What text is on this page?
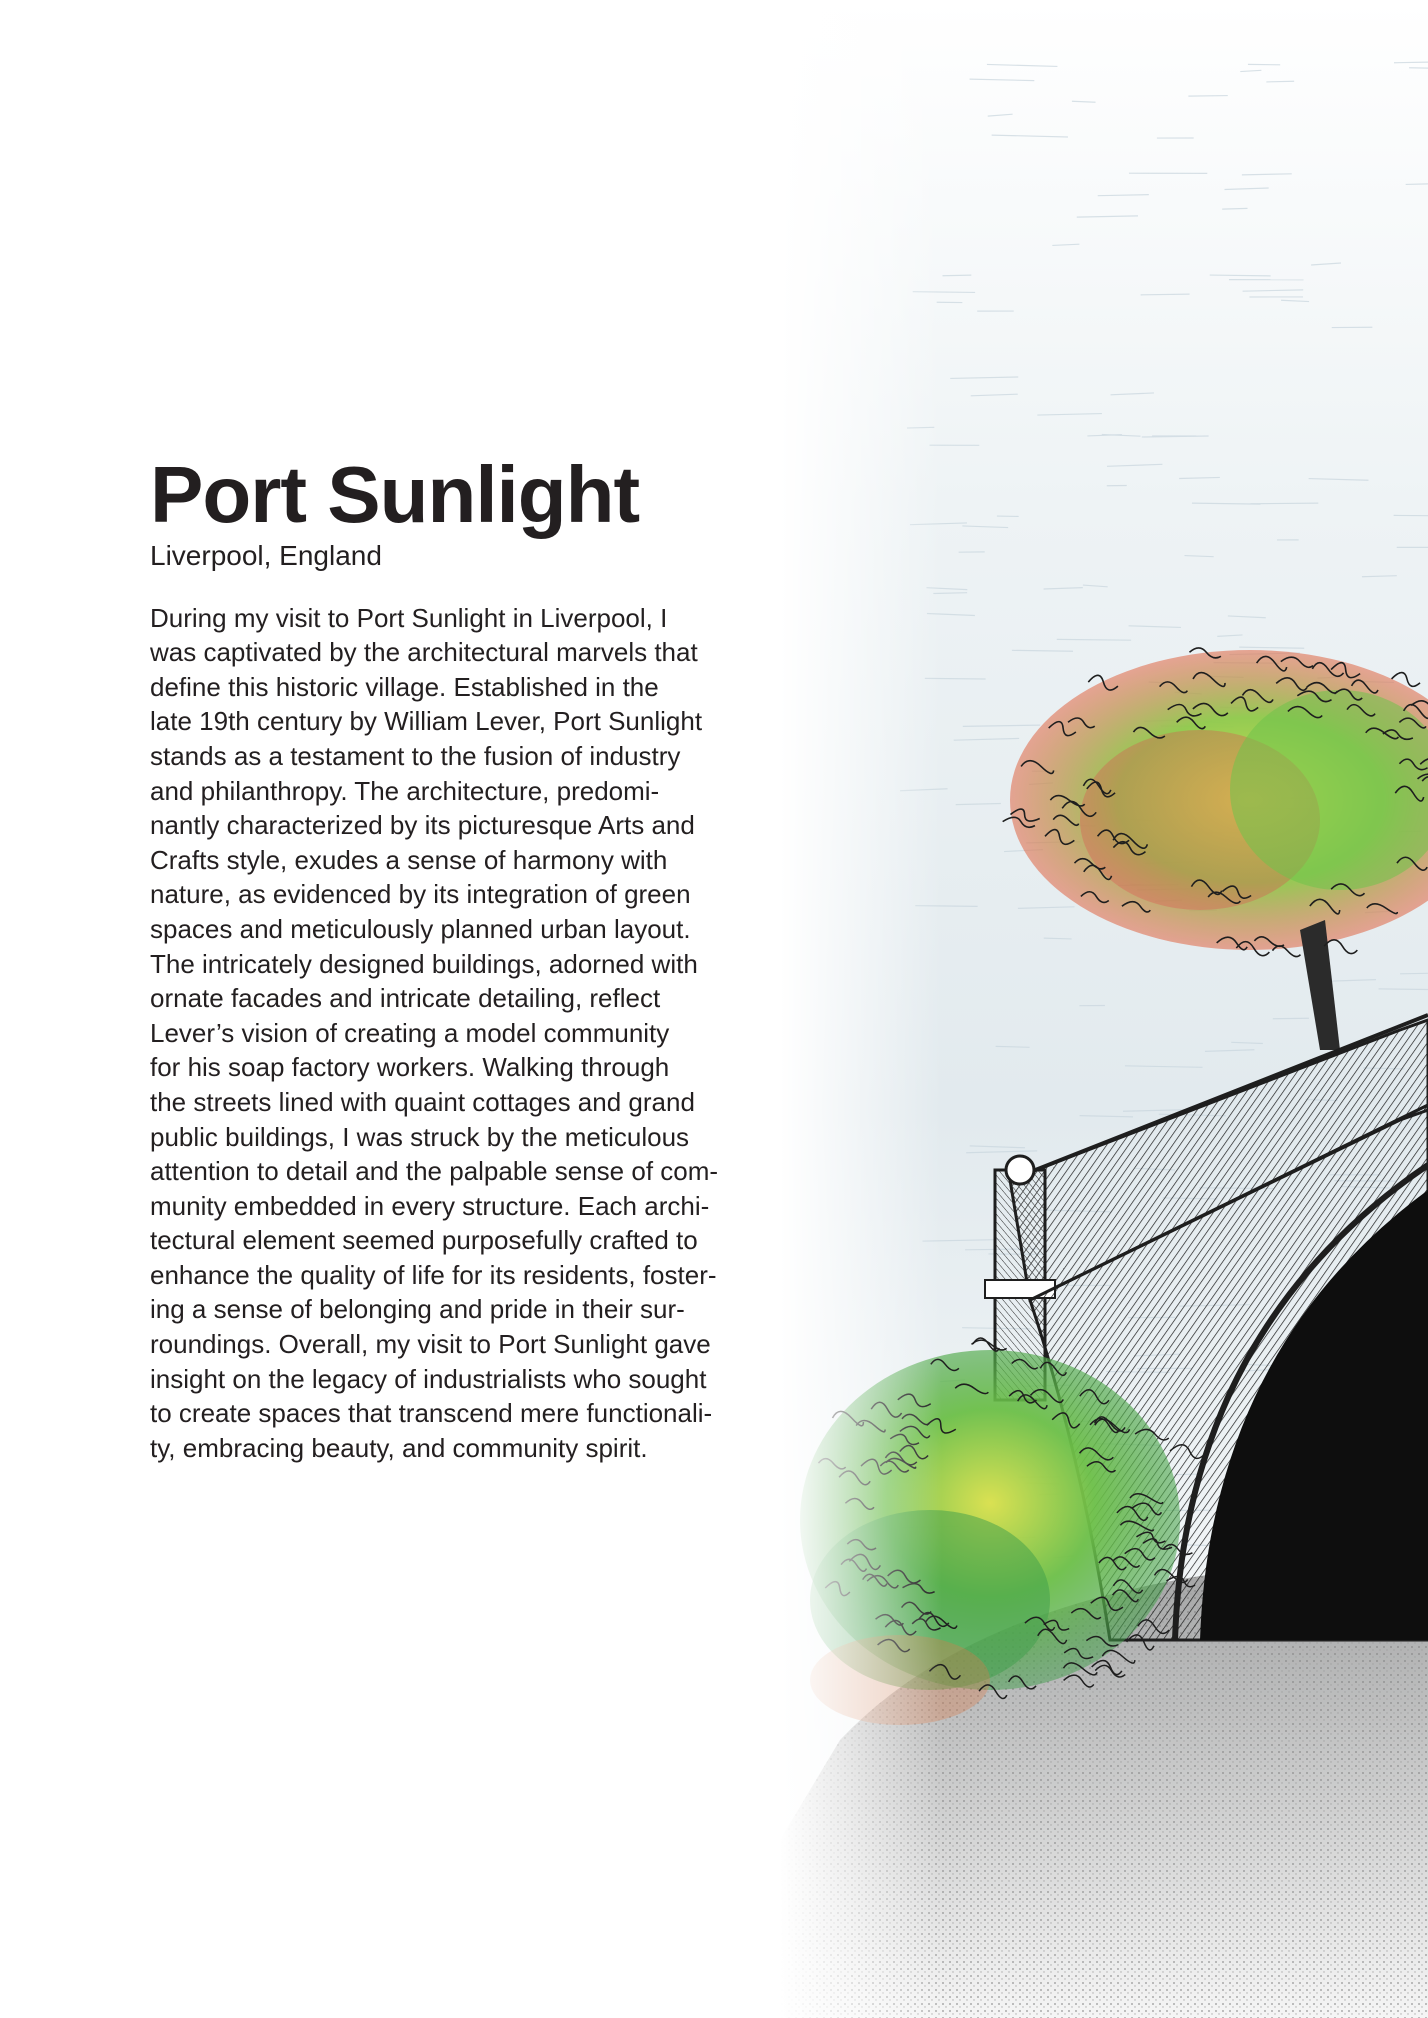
Port Sunlight
Liverpool, England
During my visit to Port Sunlight in Liverpool, I
was captivated by the architectural marvels that
define this historic village. Established in the
late 19th century by William Lever, Port Sunlight
stands as a testament to the fusion of industry
and philanthropy. The architecture, predomi-
nantly characterized by its picturesque Arts and
Crafts style, exudes a sense of harmony with
nature, as evidenced by its integration of green
spaces and meticulously planned urban layout.
The intricately designed buildings, adorned with
ornate facades and intricate detailing, reflect
Lever’s vision of creating a model community
for his soap factory workers. Walking through
the streets lined with quaint cottages and grand
public buildings, I was struck by the meticulous
attention to detail and the palpable sense of com-
munity embedded in every structure. Each archi-
tectural element seemed purposefully crafted to
enhance the quality of life for its residents, foster-
ing a sense of belonging and pride in their sur-
roundings. Overall, my visit to Port Sunlight gave
insight on the legacy of industrialists who sought
to create spaces that transcend mere functionali-
ty, embracing beauty, and community spirit.
